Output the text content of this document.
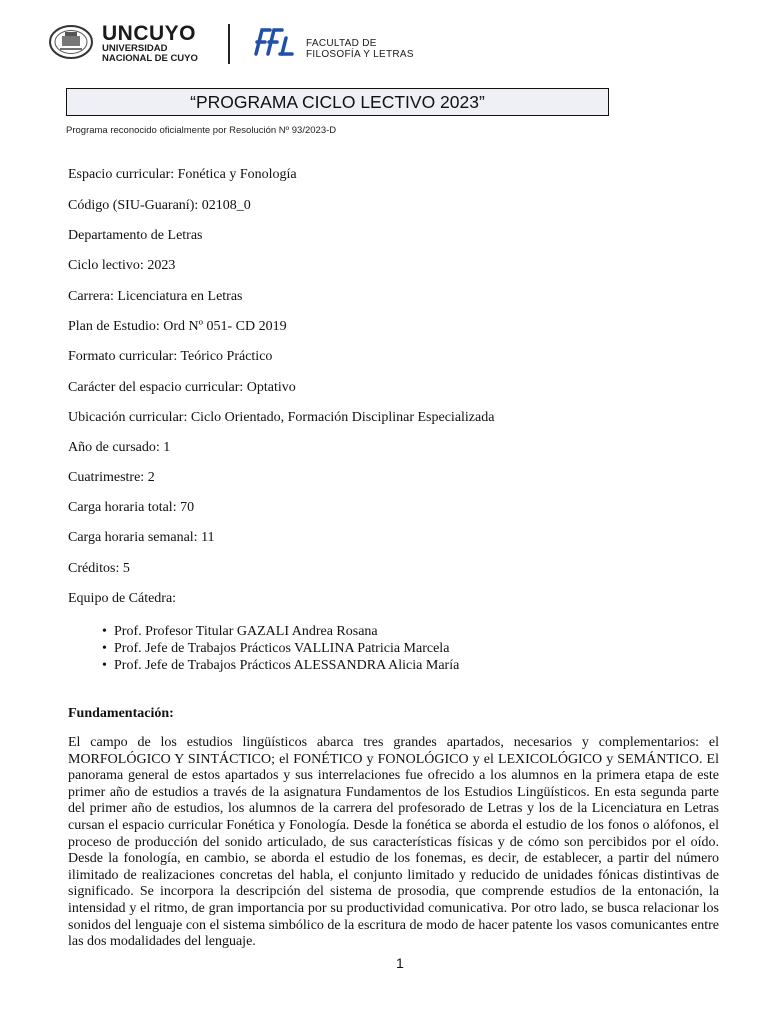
UNCUYO
UNIVERSIDAD
NACIONAL DE CUYO
FACULTAD DE
FILOSOFÍA Y LETRAS
“PROGRAMA CICLO LECTIVO 2023”
Programa reconocido oficialmente por Resolución Nº 93/2023-D
Espacio curricular: Fonética y Fonología
Código (SIU-Guaraní): 02108_0
Departamento de Letras
Ciclo lectivo: 2023
Carrera: Licenciatura en Letras
Plan de Estudio: Ord Nº 051- CD 2019
Formato curricular: Teórico Práctico
Carácter del espacio curricular: Optativo
Ubicación curricular: Ciclo Orientado, Formación Disciplinar Especializada
Año de cursado: 1
Cuatrimestre: 2
Carga horaria total: 70
Carga horaria semanal: 11
Créditos: 5
Equipo de Cátedra:
• Prof. Profesor Titular GAZALI Andrea Rosana
• Prof. Jefe de Trabajos Prácticos VALLINA Patricia Marcela
• Prof. Jefe de Trabajos Prácticos ALESSANDRA Alicia María
Fundamentación:
El campo de los estudios lingüísticos abarca tres grandes apartados, necesarios y complementarios: el MORFOLÓGICO Y SINTÁCTICO; el FONÉTICO y FONOLÓGICO y el LEXICOLÓGICO y SEMÁNTICO. El panorama general de estos apartados y sus interrelaciones fue ofrecido a los alumnos en la primera etapa de este primer año de estudios a través de la asignatura Fundamentos de los Estudios Lingüísticos. En esta segunda parte del primer año de estudios, los alumnos de la carrera del profesorado de Letras y los de la Licenciatura en Letras cursan el espacio curricular Fonética y Fonología. Desde la fonética se aborda el estudio de los fonos o alófonos, el proceso de producción del sonido articulado, de sus características físicas y de cómo son percibidos por el oído. Desde la fonología, en cambio, se aborda el estudio de los fonemas, es decir, de establecer, a partir del número ilimitado de realizaciones concretas del habla, el conjunto limitado y reducido de unidades fónicas distintivas de significado. Se incorpora la descripción del sistema de prosodia, que comprende estudios de la entonación, la intensidad y el ritmo, de gran importancia por su productividad comunicativa. Por otro lado, se busca relacionar los sonidos del lenguaje con el sistema simbólico de la escritura de modo de hacer patente los vasos comunicantes entre las dos modalidades del lenguaje.
1
